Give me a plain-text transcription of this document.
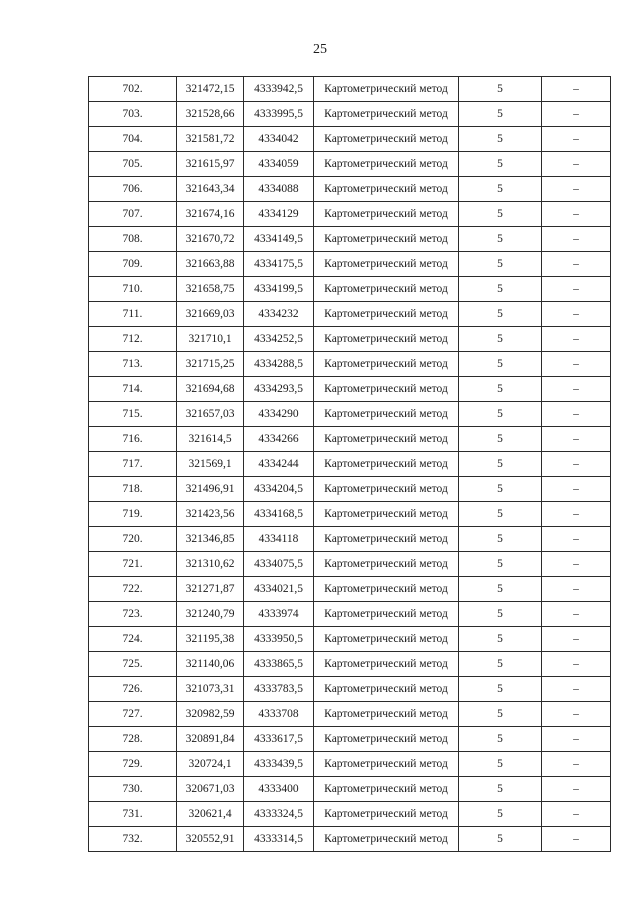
25
702.	321472,15	4333942,5	Картометрический метод	5	–
703.	321528,66	4333995,5	Картометрический метод	5	–
704.	321581,72	4334042	Картометрический метод	5	–
705.	321615,97	4334059	Картометрический метод	5	–
706.	321643,34	4334088	Картометрический метод	5	–
707.	321674,16	4334129	Картометрический метод	5	–
708.	321670,72	4334149,5	Картометрический метод	5	–
709.	321663,88	4334175,5	Картометрический метод	5	–
710.	321658,75	4334199,5	Картометрический метод	5	–
711.	321669,03	4334232	Картометрический метод	5	–
712.	321710,1	4334252,5	Картометрический метод	5	–
713.	321715,25	4334288,5	Картометрический метод	5	–
714.	321694,68	4334293,5	Картометрический метод	5	–
715.	321657,03	4334290	Картометрический метод	5	–
716.	321614,5	4334266	Картометрический метод	5	–
717.	321569,1	4334244	Картометрический метод	5	–
718.	321496,91	4334204,5	Картометрический метод	5	–
719.	321423,56	4334168,5	Картометрический метод	5	–
720.	321346,85	4334118	Картометрический метод	5	–
721.	321310,62	4334075,5	Картометрический метод	5	–
722.	321271,87	4334021,5	Картометрический метод	5	–
723.	321240,79	4333974	Картометрический метод	5	–
724.	321195,38	4333950,5	Картометрический метод	5	–
725.	321140,06	4333865,5	Картометрический метод	5	–
726.	321073,31	4333783,5	Картометрический метод	5	–
727.	320982,59	4333708	Картометрический метод	5	–
728.	320891,84	4333617,5	Картометрический метод	5	–
729.	320724,1	4333439,5	Картометрический метод	5	–
730.	320671,03	4333400	Картометрический метод	5	–
731.	320621,4	4333324,5	Картометрический метод	5	–
732.	320552,91	4333314,5	Картометрический метод	5	–
